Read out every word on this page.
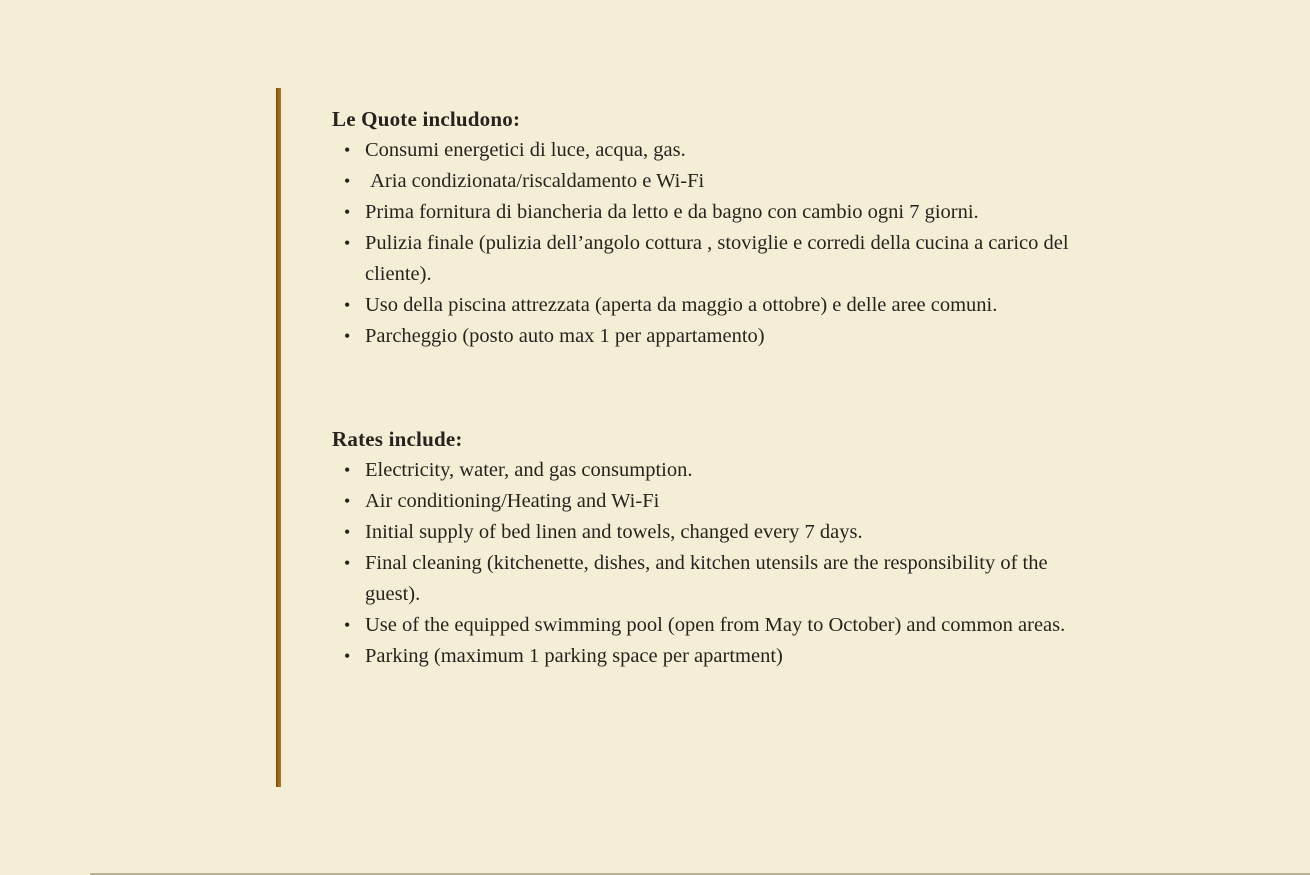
Le Quote includono:
• Consumi energetici di luce, acqua, gas.
• Aria condizionata/riscaldamento e Wi-Fi
• Prima fornitura di biancheria da letto e da bagno con cambio ogni 7 giorni.
• Pulizia finale (pulizia dell’angolo cottura , stoviglie e corredi della cucina a carico del cliente).
• Uso della piscina attrezzata (aperta da maggio a ottobre) e delle aree comuni.
• Parcheggio (posto auto max 1 per appartamento)
Rates include:
• Electricity, water, and gas consumption.
• Air conditioning/Heating and Wi-Fi
• Initial supply of bed linen and towels, changed every 7 days.
• Final cleaning (kitchenette, dishes, and kitchen utensils are the responsibility of the guest).
• Use of the equipped swimming pool (open from May to October) and common areas.
• Parking (maximum 1 parking space per apartment)
